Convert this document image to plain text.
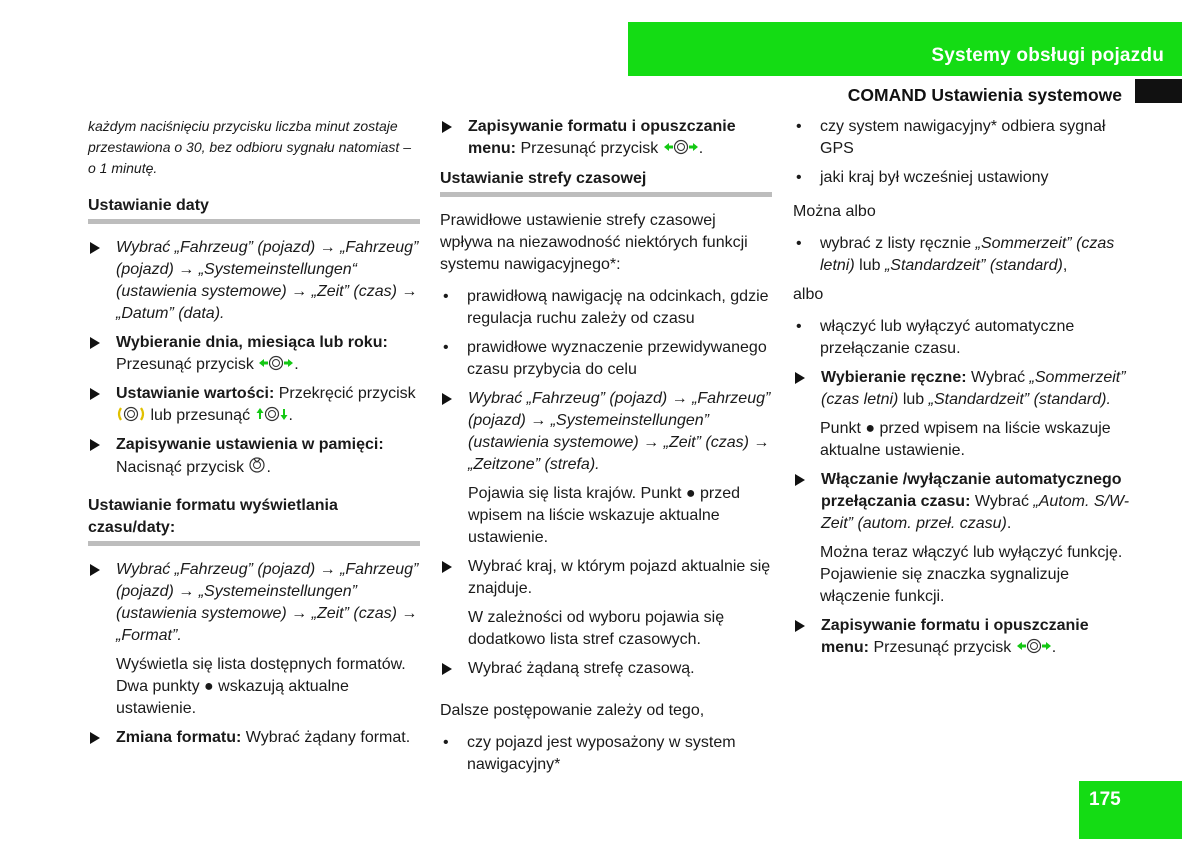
Systemy obsługi pojazdu
COMAND Ustawienia systemowe

każdym naciśnięciu przycisku liczba minut zostaje przestawiona o 30, bez odbioru sygnału natomiast – o 1 minutę.

Ustawianie daty
Wybrać „Fahrzeug” (pojazd) → „Fahrzeug” (pojazd) → „Systemeinstellungen“ (ustawienia systemowe) → „Zeit” (czas) → „Datum” (data).
Wybieranie dnia, miesiąca lub roku: Przesunąć przycisk	.
Ustawianie wartości: Przekręcić przycisk  lub przesunąć .
Zapisywanie ustawienia w pamięci: Nacisnąć przycisk .
Ustawianie formatu wyświetlania czasu/daty:
Wybrać „Fahrzeug” (pojazd) → „Fahrzeug” (pojazd) → „Systemeinstellungen” (ustawienia systemowe) → „Zeit” (czas) → „Format”.
Wyświetla się lista dostępnych formatów. Dwa punkty ● wskazują aktualne ustawienie.
Zmiana formatu: Wybrać żądany format.
Zapisywanie formatu i opuszczanie menu: Przesunąć przycisk	.
Ustawianie strefy czasowej

Prawidłowe ustawienie strefy czasowej wpływa na niezawodność niektórych funkcji systemu nawigacyjnego*:

• prawidłową nawigację na odcinkach, gdzie regulacja ruchu zależy od czasu
• prawidłowe wyznaczenie przewidywanego czasu przybycia do celu
Wybrać „Fahrzeug” (pojazd) → „Fahrzeug” (pojazd) → „Systemeinstellungen” (ustawienia systemowe) → „Zeit” (czas) → „Zeitzone” (strefa).
Pojawia się lista krajów. Punkt ● przed wpisem na liście wskazuje aktualne ustawienie.
Wybrać kraj, w którym pojazd aktualnie się znajduje.
W zależności od wyboru pojawia się dodatkowo lista stref czasowych.
Wybrać żądaną strefę czasową.

Dalsze postępowanie zależy od tego,

• czy pojazd jest wyposażony w system nawigacyjny*
• czy system nawigacyjny* odbiera sygnał GPS
• jaki kraj był wcześniej ustawiony

Można albo

• wybrać z listy ręcznie „Sommerzeit” (czas letni) lub „Standardzeit” (standard),

albo

• włączyć lub wyłączyć automatyczne przełączanie czasu.
Wybieranie ręczne: Wybrać „Sommerzeit” (czas letni) lub „Standardzeit” (standard).
Punkt ● przed wpisem na liście wskazuje aktualne ustawienie.
Włączanie /wyłączanie automatycznego przełączania czasu: Wybrać „Autom. S/W-Zeit” (autom. przeł. czasu).
Można teraz włączyć lub wyłączyć funkcję. Pojawienie się znaczka sygnalizuje włączenie funkcji.
Zapisywanie formatu i opuszczanie menu: Przesunąć przycisk	.
175
